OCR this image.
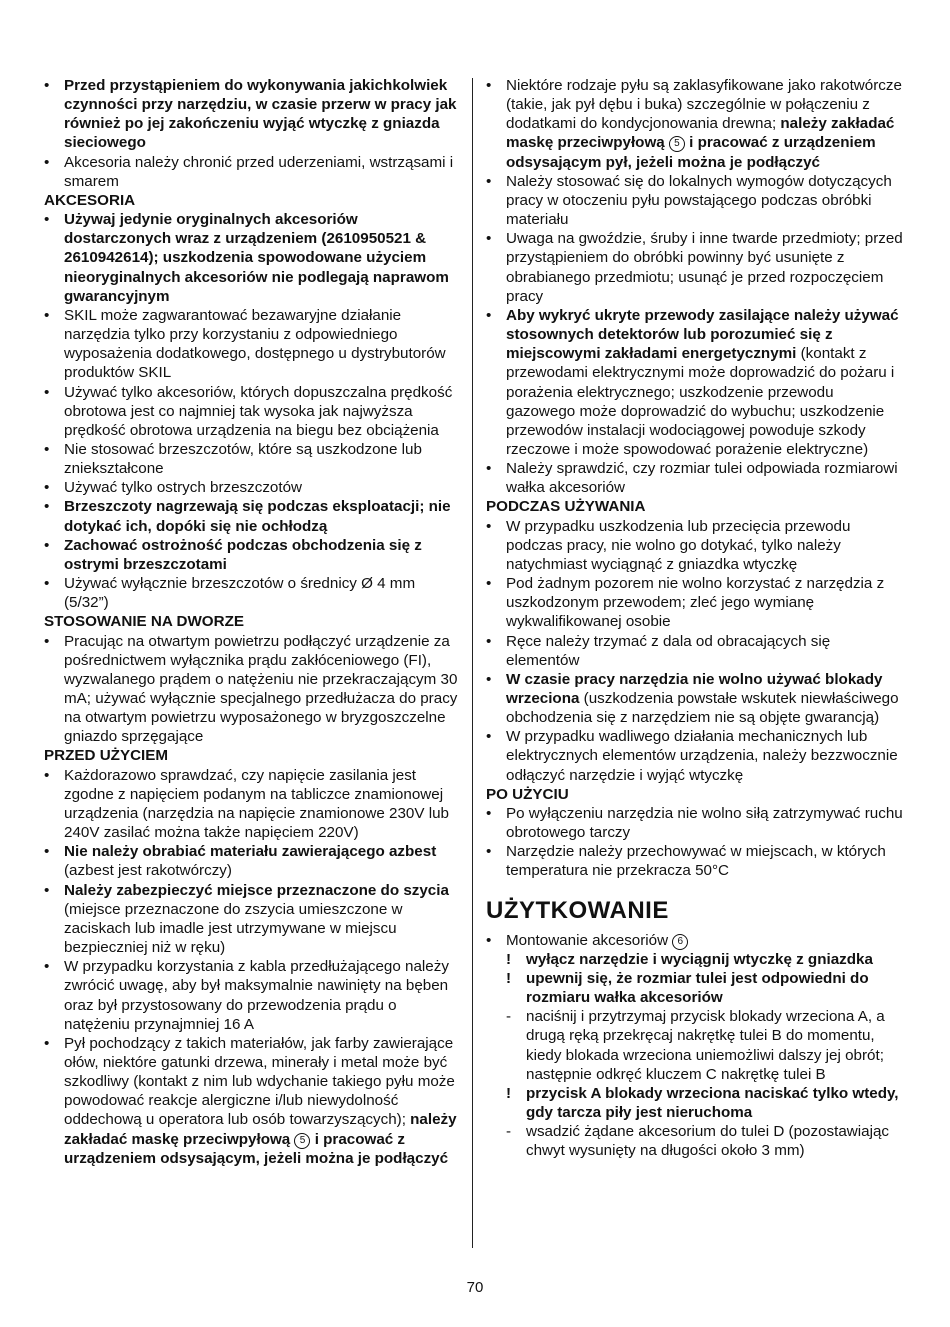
• Przed przystąpieniem do wykonywania jakichkolwiek czynności przy narzędziu, w czasie przerw w pracy jak również po jej zakończeniu wyjąć wtyczkę z gniazda sieciowego
• Akcesoria należy chronić przed uderzeniami, wstrząsami i smarem
AKCESORIA
• Używaj jedynie oryginalnych akcesoriów dostarczonych wraz z urządzeniem (2610950521 & 2610942614); uszkodzenia spowodowane użyciem nieoryginalnych akcesoriów nie podlegają naprawom gwarancyjnym
• SKIL może zagwarantować bezawaryjne działanie narzędzia tylko przy korzystaniu z odpowiedniego wyposażenia dodatkowego, dostępnego u dystrybutorów produktów SKIL
• Używać tylko akcesoriów, których dopuszczalna prędkość obrotowa jest co najmniej tak wysoka jak najwyższa prędkość obrotowa urządzenia na biegu bez obciążenia
• Nie stosować brzeszczotów, które są uszkodzone lub zniekształcone
• Używać tylko ostrych brzeszczotów
• Brzeszczoty nagrzewają się podczas eksploatacji; nie dotykać ich, dopóki się nie ochłodzą
• Zachować ostrożność podczas obchodzenia się z ostrymi brzeszczotami
• Używać wyłącznie brzeszczotów o średnicy Ø 4 mm (5/32”)
STOSOWANIE NA DWORZE
• Pracując na otwartym powietrzu podłączyć urządzenie za pośrednictwem wyłącznika prądu zakłóceniowego (FI), wyzwalanego prądem o natężeniu nie przekraczającym 30 mA; używać wyłącznie specjalnego przedłużacza do pracy na otwartym powietrzu wyposażonego w bryzgoszczelne gniazdo sprzęgające
PRZED UŻYCIEM
• Każdorazowo sprawdzać, czy napięcie zasilania jest zgodne z napięciem podanym na tabliczce znamionowej urządzenia (narzędzia na napięcie znamionowe 230V lub 240V zasilać można także napięciem 220V)
• Nie należy obrabiać materiału zawierającego azbest (azbest jest rakotwórczy)
• Należy zabezpieczyć miejsce przeznaczone do szycia (miejsce przeznaczone do zszycia umieszczone w zaciskach lub imadle jest utrzymywane w miejscu bezpieczniej niż w ręku)
• W przypadku korzystania z kabla przedłużającego należy zwrócić uwagę, aby był maksymalnie nawinięty na bęben oraz był przystosowany do przewodzenia prądu o natężeniu przynajmniej 16 A
• Pył pochodzący z takich materiałów, jak farby zawierające ołów, niektóre gatunki drzewa, minerały i metal może być szkodliwy (kontakt z nim lub wdychanie takiego pyłu może powodować reakcje alergiczne i/lub niewydolność oddechową u operatora lub osób towarzyszących); należy zakładać maskę przeciwpyłową 5 i pracować z urządzeniem odsysającym, jeżeli można je podłączyć
• Niektóre rodzaje pyłu są zaklasyfikowane jako rakotwórcze (takie, jak pył dębu i buka) szczególnie w połączeniu z dodatkami do kondycjonowania drewna; należy zakładać maskę przeciwpyłową 5 i pracować z urządzeniem odsysającym pył, jeżeli można je podłączyć
• Należy stosować się do lokalnych wymogów dotyczących pracy w otoczeniu pyłu powstającego podczas obróbki materiału
• Uwaga na gwoździe, śruby i inne twarde przedmioty; przed przystąpieniem do obróbki powinny być usunięte z obrabianego przedmiotu; usunąć je przed rozpoczęciem pracy
• Aby wykryć ukryte przewody zasilające należy używać stosownych detektorów lub porozumieć się z miejscowymi zakładami energetycznymi (kontakt z przewodami elektrycznymi może doprowadzić do pożaru i porażenia elektrycznego; uszkodzenie przewodu gazowego może doprowadzić do wybuchu; uszkodzenie przewodów instalacji wodociągowej powoduje szkody rzeczowe i może spowodować porażenie elektryczne)
• Należy sprawdzić, czy rozmiar tulei odpowiada rozmiarowi wałka akcesoriów
PODCZAS UŻYWANIA
• W przypadku uszkodzenia lub przecięcia przewodu podczas pracy, nie wolno go dotykać, tylko należy natychmiast wyciągnąć z gniazdka wtyczkę
• Pod żadnym pozorem nie wolno korzystać z narzędzia z uszkodzonym przewodem; zleć jego wymianę wykwalifikowanej osobie
• Ręce należy trzymać z dala od obracających się elementów
• W czasie pracy narzędzia nie wolno używać blokady wrzeciona (uszkodzenia powstałe wskutek niewłaściwego obchodzenia się z narzędziem nie są objęte gwarancją)
• W przypadku wadliwego działania mechanicznych lub elektrycznych elementów urządzenia, należy bezzwocznie odłączyć narzędzie i wyjąć wtyczkę
PO UŻYCIU
• Po wyłączeniu narzędzia nie wolno siłą zatrzymywać ruchu obrotowego tarczy
• Narzędzie należy przechowywać w miejscach, w których temperatura nie przekracza 50°C
UŻYTKOWANIE
• Montowanie akcesoriów 6
! wyłącz narzędzie i wyciągnij wtyczkę z gniazdka
! upewnij się, że rozmiar tulei jest odpowiedni do rozmiaru wałka akcesoriów
- naciśnij i przytrzymaj przycisk blokady wrzeciona A, a drugą ręką przekręcaj nakrętkę tulei B do momentu, kiedy blokada wrzeciona uniemożliwi dalszy jej obrót; następnie odkręć kluczem C nakrętkę tulei B
! przycisk A blokady wrzeciona naciskać tylko wtedy, gdy tarcza piły jest nieruchoma
- wsadzić żądane akcesorium do tulei D (pozostawiając chwyt wysunięty na długości około 3 mm)
70
